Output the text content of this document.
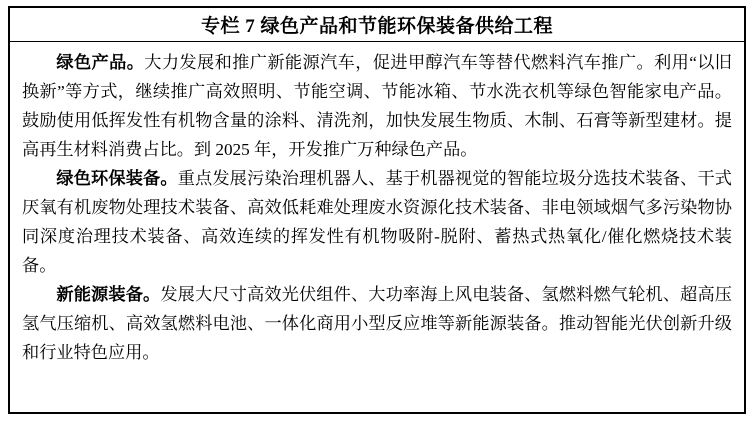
专栏 7 绿色产品和节能环保装备供给工程

绿色产品。大力发展和推广新能源汽车，促进甲醇汽车等替代燃料汽车推广。利用“以旧换新”等方式，继续推广高效照明、节能空调、节能冰箱、节水洗衣机等绿色智能家电产品。鼓励使用低挥发性有机物含量的涂料、清洗剂，加快发展生物质、木制、石膏等新型建材。提高再生材料消费占比。到 2025 年，开发推广万种绿色产品。

绿色环保装备。重点发展污染治理机器人、基于机器视觉的智能垃圾分选技术装备、干式厌氧有机废物处理技术装备、高效低耗难处理废水资源化技术装备、非电领域烟气多污染物协同深度治理技术装备、高效连续的挥发性有机物吸附-脱附、蓄热式热氧化/催化燃烧技术装备。

新能源装备。发展大尺寸高效光伏组件、大功率海上风电装备、氢燃料燃气轮机、超高压氢气压缩机、高效氢燃料电池、一体化商用小型反应堆等新能源装备。推动智能光伏创新升级和行业特色应用。
